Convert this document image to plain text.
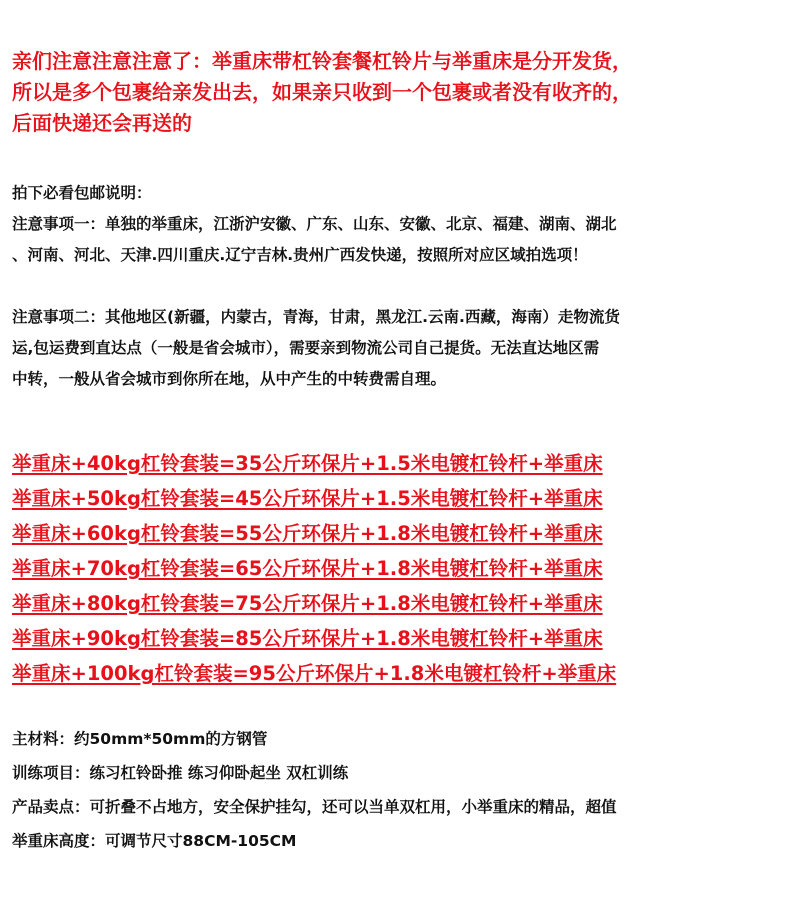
亲们注意注意注意了：举重床带杠铃套餐杠铃片与举重床是分开发货，
所以是多个包裹给亲发出去，如果亲只收到一个包裹或者没有收齐的，
后面快递还会再送的
拍下必看包邮说明：
注意事项一：单独的举重床，江浙沪安徽、广东、山东、安徽、北京、福建、湖南、湖北
、河南、河北、天津.四川重庆.辽宁吉林.贵州广西发快递，按照所对应区域拍选项！
注意事项二：其他地区(新疆，内蒙古，青海，甘肃，黑龙江.云南.西藏，海南）走物流货
运,包运费到直达点（一般是省会城市），需要亲到物流公司自己提货。无法直达地区需
中转，一般从省会城市到你所在地，从中产生的中转费需自理。
举重床+40kg杠铃套装=35公斤环保片+1.5米电镀杠铃杆+举重床
举重床+50kg杠铃套装=45公斤环保片+1.5米电镀杠铃杆+举重床
举重床+60kg杠铃套装=55公斤环保片+1.8米电镀杠铃杆+举重床
举重床+70kg杠铃套装=65公斤环保片+1.8米电镀杠铃杆+举重床
举重床+80kg杠铃套装=75公斤环保片+1.8米电镀杠铃杆+举重床
举重床+90kg杠铃套装=85公斤环保片+1.8米电镀杠铃杆+举重床
举重床+100kg杠铃套装=95公斤环保片+1.8米电镀杠铃杆+举重床
主材料：约50mm*50mm的方钢管
训练项目：练习杠铃卧推 练习仰卧起坐 双杠训练
产品卖点：可折叠不占地方，安全保护挂勾，还可以当单双杠用，小举重床的精品，超值
举重床高度：可调节尺寸88CM-105CM
